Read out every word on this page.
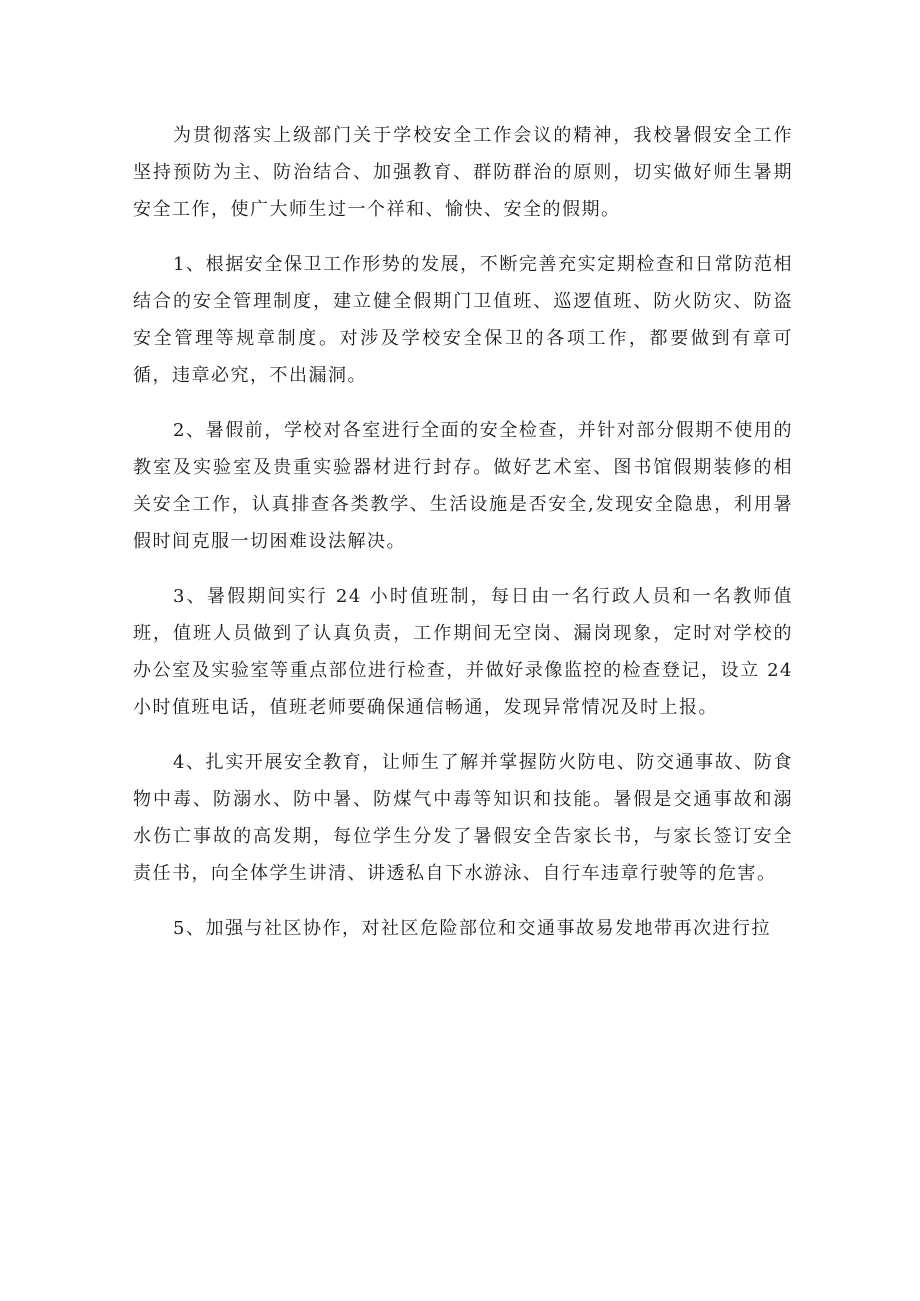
为贯彻落实上级部门关于学校安全工作会议的精神，我校暑假安全工作坚持预防为主、防治结合、加强教育、群防群治的原则，切实做好师生暑期安全工作，使广大师生过一个祥和、愉快、安全的假期。

1、根据安全保卫工作形势的发展，不断完善充实定期检查和日常防范相结合的安全管理制度，建立健全假期门卫值班、巡逻值班、防火防灾、防盗安全管理等规章制度。对涉及学校安全保卫的各项工作，都要做到有章可循，违章必究，不出漏洞。

2、暑假前，学校对各室进行全面的安全检查，并针对部分假期不使用的教室及实验室及贵重实验器材进行封存。做好艺术室、图书馆假期装修的相关安全工作，认真排查各类教学、生活设施是否安全,发现安全隐患，利用暑假时间克服一切困难设法解决。

3、暑假期间实行 24 小时值班制，每日由一名行政人员和一名教师值班，值班人员做到了认真负责，工作期间无空岗、漏岗现象，定时对学校的办公室及实验室等重点部位进行检查，并做好录像监控的检查登记，设立 24 小时值班电话，值班老师要确保通信畅通，发现异常情况及时上报。

4、扎实开展安全教育，让师生了解并掌握防火防电、防交通事故、防食物中毒、防溺水、防中暑、防煤气中毒等知识和技能。暑假是交通事故和溺水伤亡事故的高发期，每位学生分发了暑假安全告家长书，与家长签订安全责任书，向全体学生讲清、讲透私自下水游泳、自行车违章行驶等的危害。

5、加强与社区协作，对社区危险部位和交通事故易发地带再次进行拉
